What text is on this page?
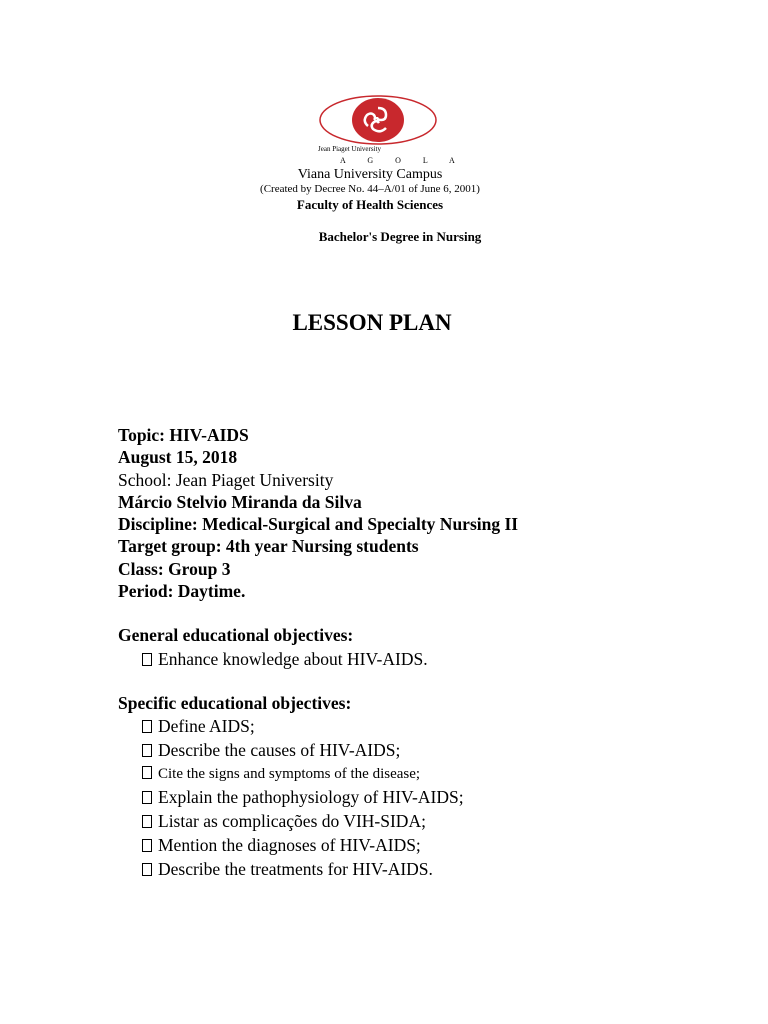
Jean Piaget University
A G O L A
Viana University Campus
(Created by Decree No. 44–A/01 of June 6, 2001)
Faculty of Health Sciences
Bachelor's Degree in Nursing
LESSON PLAN
Topic: HIV-AIDS
August 15, 2018
School: Jean Piaget University
Márcio Stelvio Miranda da Silva
Discipline: Medical-Surgical and Specialty Nursing II
Target group: 4th year Nursing students
Class: Group 3
Period: Daytime.
General educational objectives:
Enhance knowledge about HIV-AIDS.
Specific educational objectives:
Define AIDS;
Describe the causes of HIV-AIDS;
Cite the signs and symptoms of the disease;
Explain the pathophysiology of HIV-AIDS;
Listar as complicações do VIH-SIDA;
Mention the diagnoses of HIV-AIDS;
Describe the treatments for HIV-AIDS.
